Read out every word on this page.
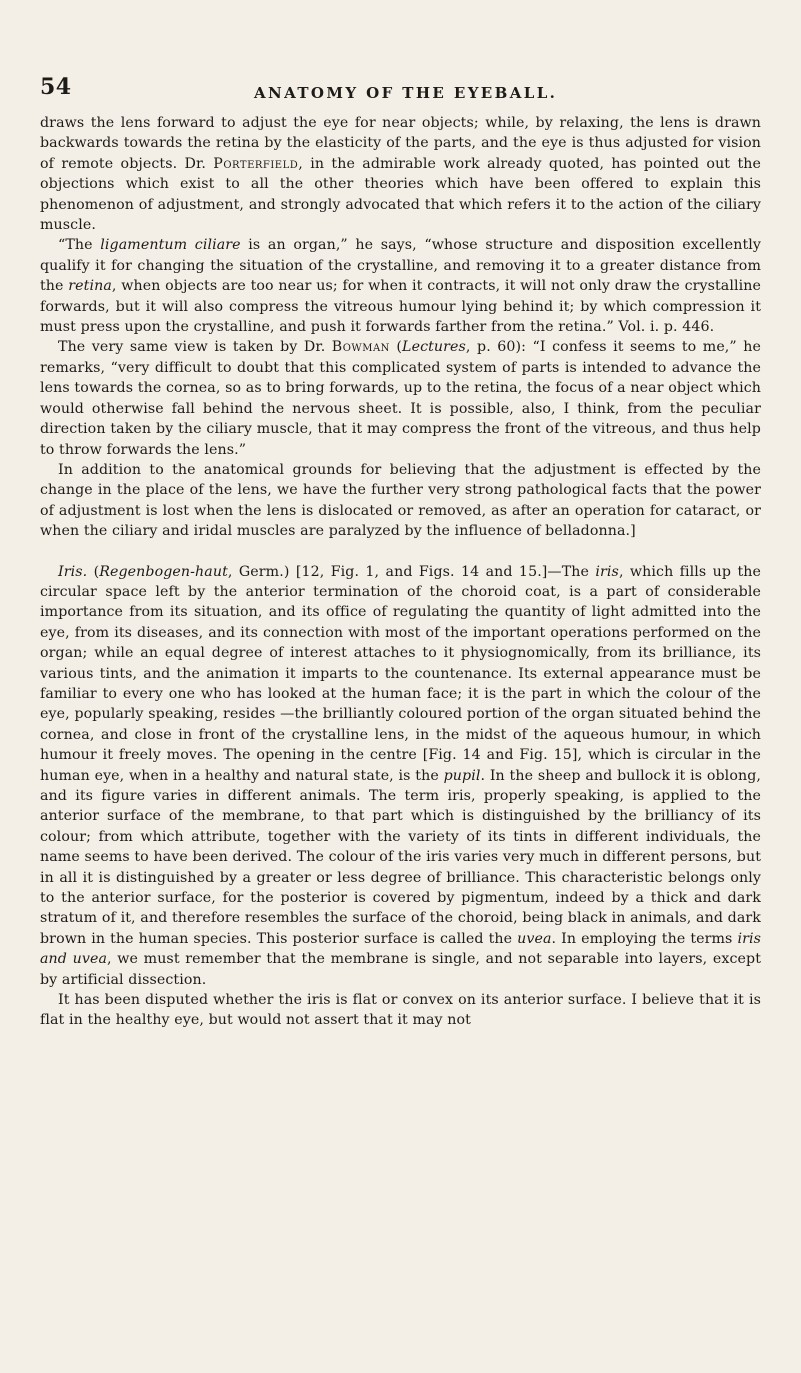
54	ANATOMY OF THE EYEBALL.

draws the lens forward to adjust the eye for near objects; while, by relaxing, the lens is drawn backwards towards the retina by the elasticity of the parts, and the eye is thus adjusted for vision of remote objects. Dr. Porterfield, in the admirable work already quoted, has pointed out the objections which exist to all the other theories which have been offered to explain this phenomenon of adjustment, and strongly advocated that which refers it to the action of the ciliary muscle.

“The ligamentum ciliare is an organ,” he says, “whose structure and disposition excellently qualify it for changing the situation of the crystalline, and removing it to a greater distance from the retina, when objects are too near us; for when it contracts, it will not only draw the crystalline forwards, but it will also compress the vitreous humour lying behind it; by which compression it must press upon the crystalline, and push it forwards farther from the retina.” Vol. i. p. 446.

The very same view is taken by Dr. Bowman (Lectures, p. 60): “I confess it seems to me,” he remarks, “very difficult to doubt that this complicated system of parts is intended to advance the lens towards the cornea, so as to bring forwards, up to the retina, the focus of a near object which would otherwise fall behind the nervous sheet. It is possible, also, I think, from the peculiar direction taken by the ciliary muscle, that it may compress the front of the vitreous, and thus help to throw forwards the lens.”

In addition to the anatomical grounds for believing that the adjustment is effected by the change in the place of the lens, we have the further very strong pathological facts that the power of adjustment is lost when the lens is dislocated or removed, as after an operation for cataract, or when the ciliary and iridal muscles are paralyzed by the influence of belladonna.]

Iris. (Regenbogen-haut, Germ.) [12, Fig. 1, and Figs. 14 and 15.]—The iris, which fills up the circular space left by the anterior termination of the choroid coat, is a part of considerable importance from its situation, and its office of regulating the quantity of light admitted into the eye, from its diseases, and its connection with most of the important operations performed on the organ; while an equal degree of interest attaches to it physiognomically, from its brilliance, its various tints, and the animation it imparts to the countenance. Its external appearance must be familiar to every one who has looked at the human face; it is the part in which the colour of the eye, popularly speaking, resides —the brilliantly coloured portion of the organ situated behind the cornea, and close in front of the crystalline lens, in the midst of the aqueous humour, in which humour it freely moves. The opening in the centre [Fig. 14 and Fig. 15], which is circular in the human eye, when in a healthy and natural state, is the pupil. In the sheep and bullock it is oblong, and its figure varies in different animals. The term iris, properly speaking, is applied to the anterior surface of the membrane, to that part which is distinguished by the brilliancy of its colour; from which attribute, together with the variety of its tints in different individuals, the name seems to have been derived. The colour of the iris varies very much in different persons, but in all it is distinguished by a greater or less degree of brilliance. This characteristic belongs only to the anterior surface, for the posterior is covered by pigmentum, indeed by a thick and dark stratum of it, and therefore resembles the surface of the choroid, being black in animals, and dark brown in the human species. This posterior surface is called the uvea. In employing the terms iris and uvea, we must remember that the membrane is single, and not separable into layers, except by artificial dissection.

It has been disputed whether the iris is flat or convex on its anterior surface. I believe that it is flat in the healthy eye, but would not assert that it may not
